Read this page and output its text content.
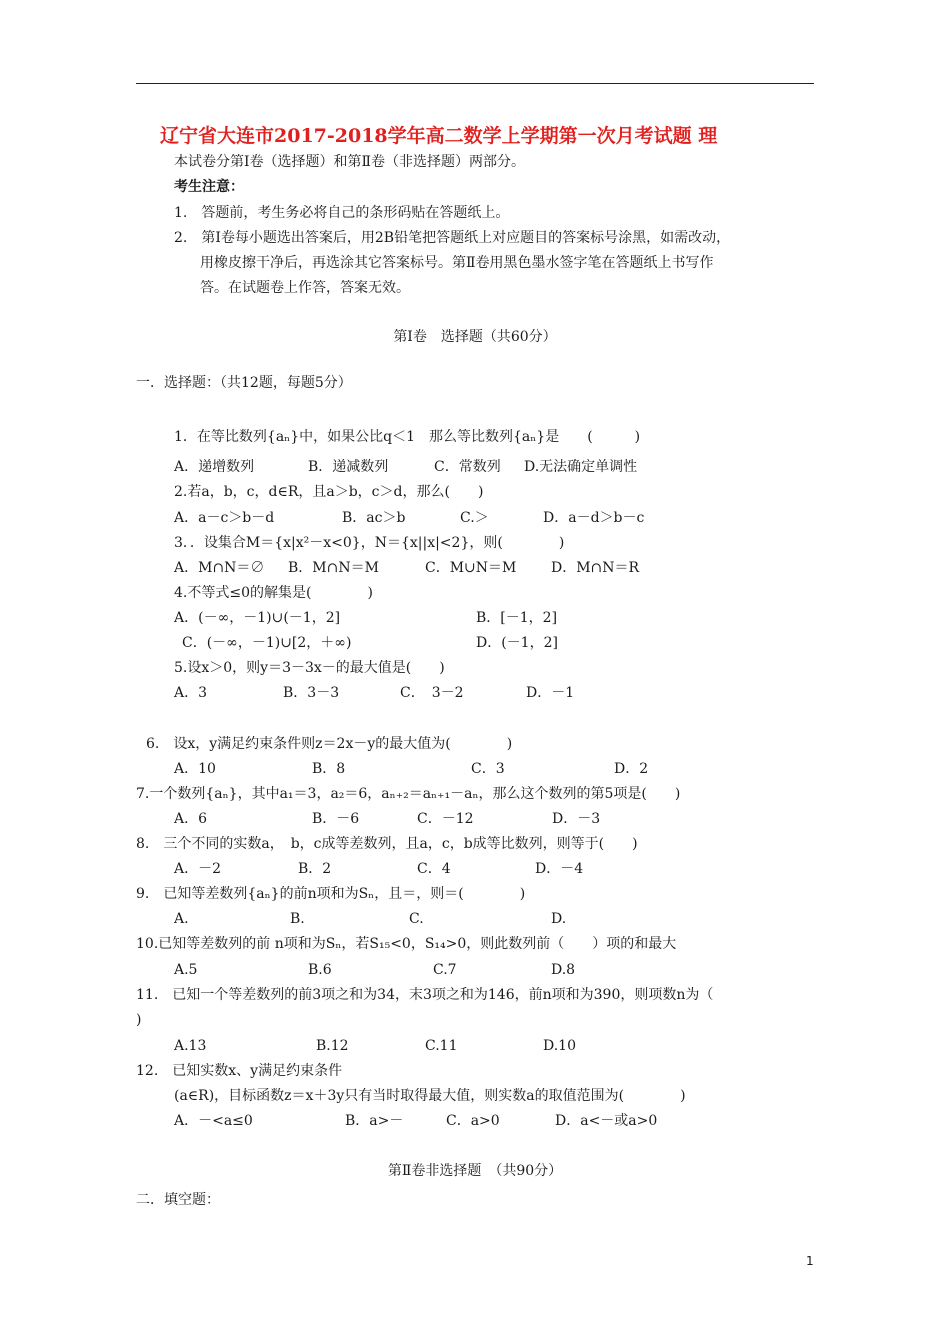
辽宁省大连市2017-2018学年高二数学上学期第一次月考试题 理
本试卷分第Ⅰ卷（选择题）和第Ⅱ卷（非选择题）两部分。
考生注意：
1.　答题前，考生务必将自己的条形码贴在答题纸上。
2.　第Ⅰ卷每小题选出答案后，用2B铅笔把答题纸上对应题目的答案标号涂黑，如需改动，
用橡皮擦干净后，再选涂其它答案标号。第Ⅱ卷用黑色墨水签字笔在答题纸上书写作
答。在试题卷上作答，答案无效。
第Ⅰ卷　选择题（共60分）
一．选择题：（共12题，每题5分）
1．在等比数列{aₙ}中，如果公比q＜1　那么等比数列{aₙ}是　　(　　　)
A．递增数列	B．递减数列	C．常数列 D.无法确定单调性
2.若a，b，c，d∈R，且a＞b，c＞d，那么(　　)
A．a－c＞b－d	B．ac＞b	C.＞	D．a－d＞b－c
3．．设集合M＝{x|x²－x<0}，N＝{x||x|<2}，则(　　　　)
A．M∩N＝∅ B．M∩N＝M	C．M∪N＝M D．M∩N＝R
4.不等式≤0的解集是(　　　　)
A．(－∞，－1)∪(－1，2]	B．[－1，2]
C．(－∞，－1)∪[2，＋∞)	D．(－1，2]
5.设x＞0，则y＝3－3x－的最大值是(　　)
A．3	B．3－3	C．　3－2	D．－1
6.　设x，y满足约束条件则z＝2x－y的最大值为(　　　　)
A．10	B．8	C．3	D．2
7.一个数列{aₙ}，其中a₁＝3，a₂＝6，aₙ₊₂＝aₙ₊₁－aₙ，那么这个数列的第5项是(　　)
A．6	B．－6	C．－12	D．－3
8.　三个不同的实数a，　b，c成等差数列，且a，c，b成等比数列，则等于(　　)
A．－2	B．2	C．4	D．－4
9.　已知等差数列{aₙ}的前n项和为Sₙ，且＝，则＝(　　　　)
A.	B.	C.	D.
10.已知等差数列的前 n项和为Sₙ，若S₁₅<0，S₁₄>0，则此数列前（　　）项的和最大
A.5	B.6	C.7	D.8
11.　已知一个等差数列的前3项之和为34，末3项之和为146，前n项和为390，则项数n为（
)
A.13	B.12	C.11	D.10
12.　已知实数x、y满足约束条件
(a∈R)，目标函数z＝x＋3y只有当时取得最大值，则实数a的取值范围为(　　　　)
A．－<a≤0	B．a>－	C．a>0	D．a<－或a>0
第Ⅱ卷非选择题　（共90分）
二．填空题：
1
